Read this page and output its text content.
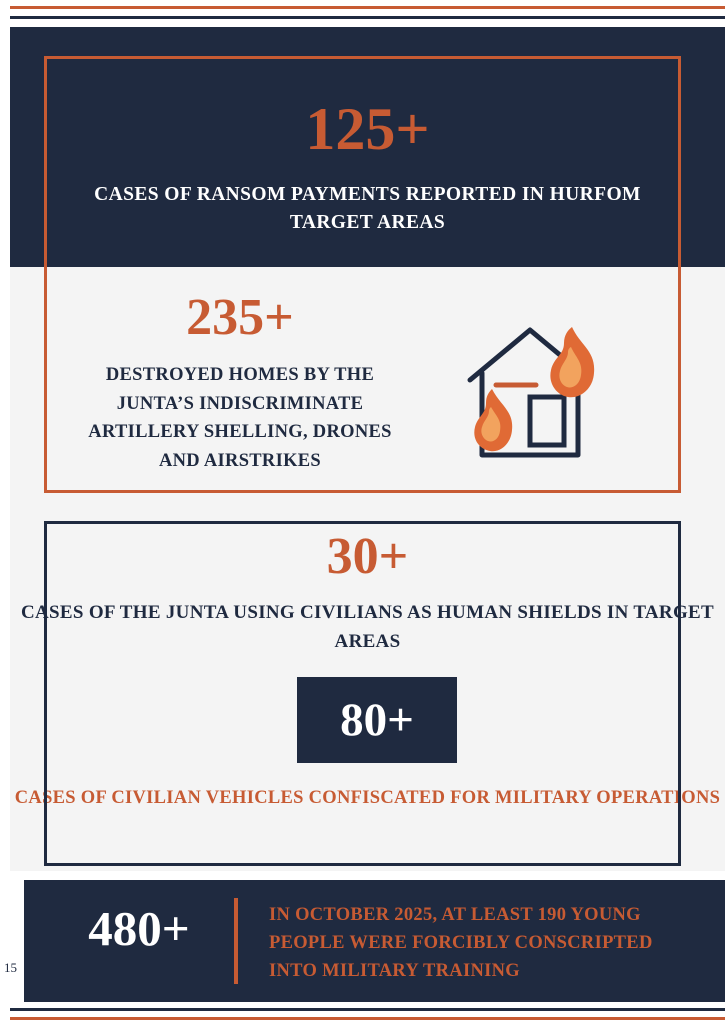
125+
CASES OF RANSOM PAYMENTS REPORTED IN HURFOM TARGET AREAS
235+
DESTROYED HOMES BY THE JUNTA’S INDISCRIMINATE ARTILLERY SHELLING, DRONES AND AIRSTRIKES
30+
CASES OF THE JUNTA USING CIVILIANS AS HUMAN SHIELDS IN TARGET AREAS
80+
CASES OF CIVILIAN VEHICLES CONFISCATED FOR MILITARY OPERATIONS
480+	IN OCTOBER 2025, AT LEAST 190 YOUNG PEOPLE WERE FORCIBLY CONSCRIPTED INTO MILITARY TRAINING
15
